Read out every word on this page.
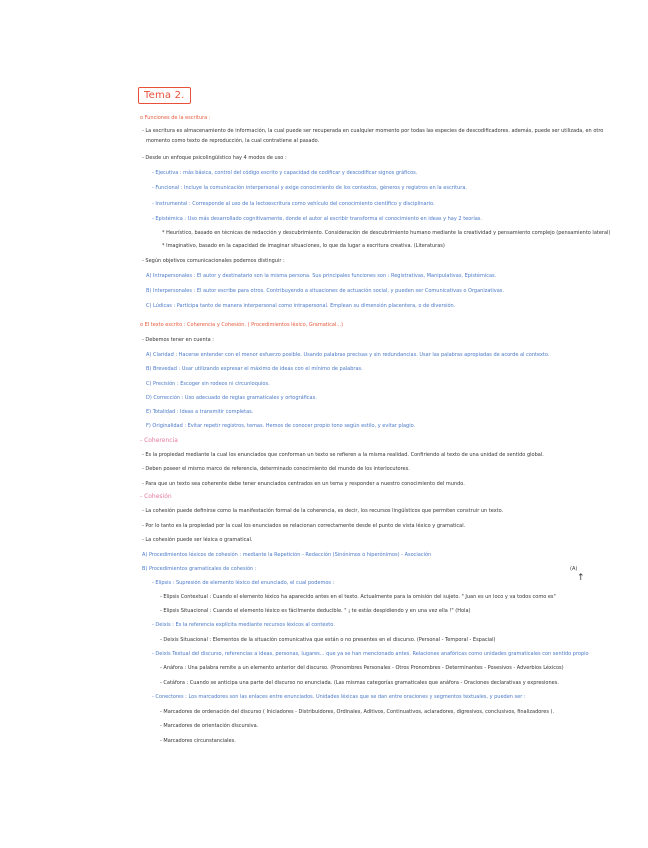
Tema 2.
o Funciones de la escritura :
- La escritura es almacenamiento de información, la cual puede ser recuperada en cualquier momento por todas las especies de descodificadores. además, puede ser utilizada, en otro
momento como texto de reproducción, la cual contratiene al pasado.
- Desde un enfoque psicolingüístico hay 4 modos de uso :
- Ejecutiva : más básica, control del código escrito y capacidad de codificar y descodificar signos gráficos.
- Funcional : Incluye la comunicación interpersonal y exige conocimiento de los contextos, géneros y registros en la escritura.
- Instrumental : Corresponde al uso de la lectoescritura como vehículo del conocimiento científico y disciplinario.
- Epistémica : Uso más desarrollado cognitivamente, donde el autor al escribir transforma el conocimiento en ideas y hay 2 teorías.
* Heurístico, basado en técnicas de redacción y descubrimiento. Consideración de descubrimiento humano mediante la creatividad y pensamiento complejo (pensamiento lateral)
* Imaginativo, basado en la capacidad de imaginar situaciones, lo que da lugar a escritura creativa. (Literaturas)
- Según objetivos comunicacionales podemos distinguir :
A) Intrapersonales : El autor y destinatario son la misma persona. Sus principales funciones son : Registrativas, Manipulativas, Epistémicas.
B) Interpersonales : El autor escribe para otros. Contribuyendo a situaciones de actuación social, y pueden ser Comunicativas o Organizativas.
C) Lúdicas : Participa tanto de manera interpersonal como intrapersonal. Emplean su dimensión placentera, o de diversión.
o El texto escrito : Coherencia y Cohesión. ( Procedimientos léxico, Gramatical...)
- Debemos tener en cuenta :
A) Claridad : Hacerse entender con el menor esfuerzo posible. Usando palabras precisas y sin redundancias. Usar las palabras apropiadas de acorde al contexto.
B) Brevedad : Usar utilizando expresar el máximo de ideas con el mínimo de palabras.
C) Precisión : Escoger sin rodeos ni circunloquios.
D) Corrección : Uso adecuado de reglas gramaticales y ortográficas.
E) Totalidad : Ideas a transmitir completas.
F) Originalidad : Evitar repetir registros, temas. Hemos de conocer propio tono según estilo, y evitar plagio.
- Coherencia
- Es la propiedad mediante la cual los enunciados que conforman un texto se refieren a la misma realidad. Confiriendo al texto de una unidad de sentido global.
- Deben poseer el mismo marco de referencia, determinado conocimiento del mundo de los interlocutores.
- Para que un texto sea coherente debe tener enunciados centrados en un tema y responder a nuestro conocimiento del mundo.
- Cohesión
- La cohesión puede definirse como la manifestación formal de la coherencia, es decir, los recursos lingüísticos que permiten construir un texto.
- Por lo tanto es la propiedad por la cual los enunciados se relacionan correctamente desde el punto de vista léxico y gramatical.
- La cohesión puede ser léxica o gramatical.
A) Procedimientos léxicos de cohesión : mediante la Repetición - Redacción (Sinónimos o hiperónimos) - Asociación
B) Procedimientos gramaticales de cohesión :
- Elipsis : Supresión de elemento léxico del enunciado, el cual podemos :
- Elipsis Contextual : Cuando el elemento léxico ha aparecido antes en el texto. Actualmente para la omisión del sujeto. " Juan es un loco y va todos como es"
- Elipsis Situacional : Cuando el elemento léxico es fácilmente deducible. " ¡ te estás despidiendo y en una vez ella !" (Hola)
- Deixis : Es la referencia explícita mediante recursos léxicos al contexto.
- Deixis Situacional : Elementos de la situación comunicativa que están o no presentes en el discurso. (Personal - Temporal - Espacial)
- Deixis Textual del discurso, referencias a ideas, personas, lugares... que ya se han mencionado antes. Relaciones anafóricas como unidades gramaticales con sentido propio
- Anáfora : Una palabra remite a un elemento anterior del discurso. (Pronombres Personales - Otros Pronombres - Determinantes - Posesivos - Adverbios Léxicos)
- Catáfora : Cuando se anticipa una parte del discurso no enunciada. (Las mismas categorías gramaticales que anáfora - Oraciones declarativas y expresiones.
- Conectores : Los marcadores son las enlaces entre enunciados. Unidades léxicas que se dan entre oraciones y segmentos textuales, y pueden ser :
- Marcadores de ordenación del discurso ( Iniciadores - Distribuidores, Ordinales, Aditivos, Continuativos, aclaradores, digresivos, conclusivos, finalizadores ).
- Marcadores de orientación discursiva.
- Marcadores circunstanciales.
(A)
↑
